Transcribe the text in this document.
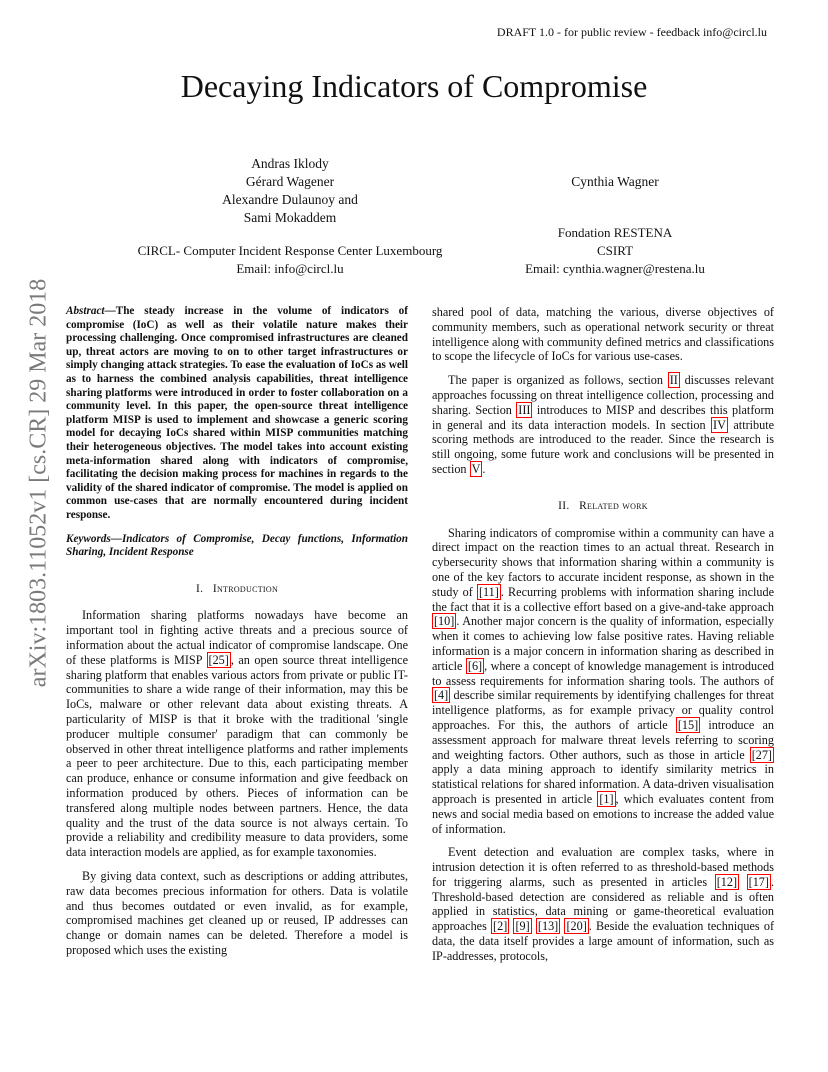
DRAFT 1.0 - for public review - feedback info@circl.lu
Decaying Indicators of Compromise
Andras Iklody
Gérard Wagener
Alexandre Dulaunoy and
Sami Mokaddem
Cynthia Wagner
CIRCL- Computer Incident Response Center Luxembourg
Email: info@circl.lu
Fondation RESTENA
CSIRT
Email: cynthia.wagner@restena.lu
arXiv:1803.11052v1 [cs.CR] 29 Mar 2018 Abstract—The steady increase in the volume of indicators of compromise (IoC) as well as their volatile nature makes their processing challenging. Once compromised infrastructures are cleaned up, threat actors are moving to on to other target infrastructures or simply changing attack strategies. To ease the evaluation of IoCs as well as to harness the combined analysis capabilities, threat intelligence sharing platforms were introduced in order to foster collaboration on a community level. In this paper, the open-source threat intelligence platform MISP is used to implement and showcase a generic scoring model for decaying IoCs shared within MISP communities matching their heterogeneous objectives. The model takes into account existing meta-information shared along with indicators of compromise, facilitating the decision making process for machines in regards to the validity of the shared indicator of compromise. The model is applied on common use-cases that are normally encountered during incident response.

Keywords—Indicators of Compromise, Decay functions, Information Sharing, Incident Response

I. Introduction

Information sharing platforms nowadays have become an important tool in fighting active threats and a precious source of information about the actual indicator of compromise landscape. One of these platforms is MISP [25] , an open source threat intelligence sharing platform that enables various actors from private or public IT-communities to share a wide range of their information, may this be IoCs, malware or other relevant data about existing threats. A particularity of MISP is that it broke with the traditional 'single producer multiple consumer' paradigm that can commonly be observed in other threat intelligence platforms and rather implements a peer to peer architecture. Due to this, each participating member can produce, enhance or consume information and give feedback on information produced by others. Pieces of information can be transfered along multiple nodes between partners. Hence, the data quality and the trust of the data source is not always certain. To provide a reliability and credibility measure to data providers, some data interaction models are applied, as for example taxonomies.

By giving data context, such as descriptions or adding attributes, raw data becomes precious information for others. Data is volatile and thus becomes outdated or even invalid, as for example, compromised machines get cleaned up or reused, IP addresses can change or domain names can be deleted. Therefore a model is proposed which uses the existing

shared pool of data, matching the various, diverse objectives of community members, such as operational network security or threat intelligence along with community defined metrics and classifications to scope the lifecycle of IoCs for various use-cases.

The paper is organized as follows, section II discusses relevant approaches focussing on threat intelligence collection, processing and sharing. Section III introduces to MISP and describes this platform in general and its data interaction models. In section IV attribute scoring methods are introduced to the reader. Since the research is still ongoing, some future work and conclusions will be presented in section V .

II. Related work

Sharing indicators of compromise within a community can have a direct impact on the reaction times to an actual threat. Research in cybersecurity shows that information sharing within a community is one of the key factors to accurate incident response, as shown in the study of [11] . Recurring problems with information sharing include the fact that it is a collective effort based on a give-and-take approach [10] . Another major concern is the quality of information, especially when it comes to achieving low false positive rates. Having reliable information is a major concern in information sharing as described in article [6] , where a concept of knowledge management is introduced to assess requirements for information sharing tools. The authors of [4] describe similar requirements by identifying challenges for threat intelligence platforms, as for example privacy or quality control approaches. For this, the authors of article [15] introduce an assessment approach for malware threat levels referring to scoring and weighting factors. Other authors, such as those in article [27] apply a data mining approach to identify similarity metrics in statistical relations for shared information. A data-driven visualisation approach is presented in article [1] , which evaluates content from news and social media based on emotions to increase the added value of information.

Event detection and evaluation are complex tasks, where in intrusion detection it is often referred to as threshold-based methods for triggering alarms, such as presented in articles [12] [17] . Threshold-based detection are considered as reliable and is often applied in statistics, data mining or game-theoretical evaluation approaches [2] [9] [13] [20] . Beside the evaluation techniques of data, the data itself provides a large amount of information, such as IP-addresses, protocols,
